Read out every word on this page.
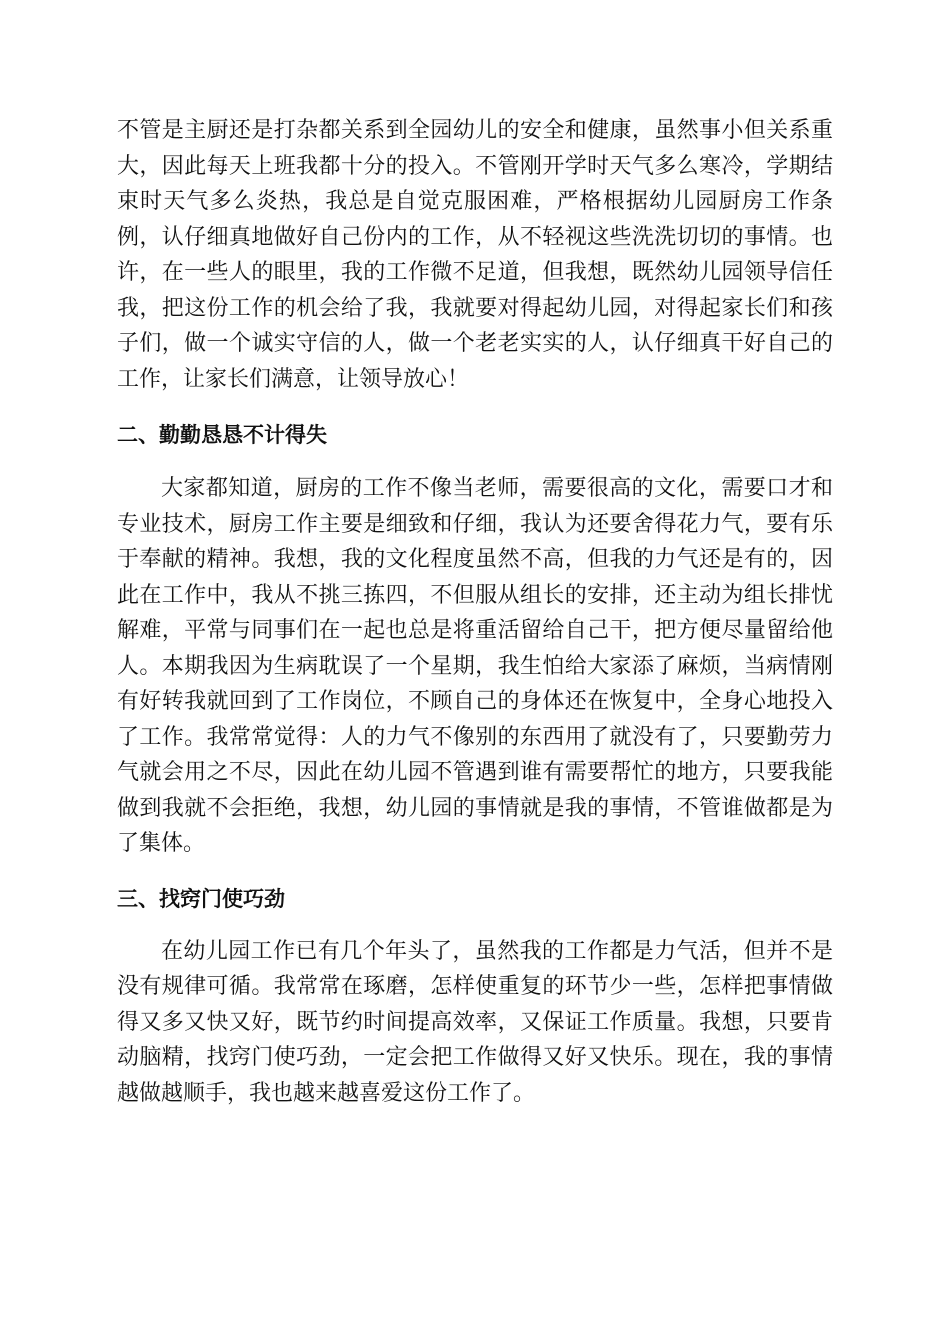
不管是主厨还是打杂都关系到全园幼儿的安全和健康，虽然事小但关系重大，因此每天上班我都十分的投入。不管刚开学时天气多么寒冷，学期结束时天气多么炎热，我总是自觉克服困难，严格根据幼儿园厨房工作条例，认仔细真地做好自己份内的工作，从不轻视这些洗洗切切的事情。也许，在一些人的眼里，我的工作微不足道，但我想，既然幼儿园领导信任我，把这份工作的机会给了我，我就要对得起幼儿园，对得起家长们和孩子们，做一个诚实守信的人，做一个老老实实的人，认仔细真干好自己的工作，让家长们满意，让领导放心！

二、勤勤恳恳不计得失

大家都知道，厨房的工作不像当老师，需要很高的文化，需要口才和专业技术，厨房工作主要是细致和仔细，我认为还要舍得花力气，要有乐于奉献的精神。我想，我的文化程度虽然不高，但我的力气还是有的，因此在工作中，我从不挑三拣四，不但服从组长的安排，还主动为组长排忧解难，平常与同事们在一起也总是将重活留给自己干，把方便尽量留给他人。本期我因为生病耽误了一个星期，我生怕给大家添了麻烦，当病情刚有好转我就回到了工作岗位，不顾自己的身体还在恢复中，全身心地投入了工作。我常常觉得：人的力气不像别的东西用了就没有了，只要勤劳力气就会用之不尽，因此在幼儿园不管遇到谁有需要帮忙的地方，只要我能做到我就不会拒绝，我想，幼儿园的事情就是我的事情，不管谁做都是为了集体。

三、找窍门使巧劲

在幼儿园工作已有几个年头了，虽然我的工作都是力气活，但并不是没有规律可循。我常常在琢磨，怎样使重复的环节少一些，怎样把事情做得又多又快又好，既节约时间提高效率，又保证工作质量。我想，只要肯动脑精，找窍门使巧劲，一定会把工作做得又好又快乐。现在，我的事情越做越顺手，我也越来越喜爱这份工作了。
